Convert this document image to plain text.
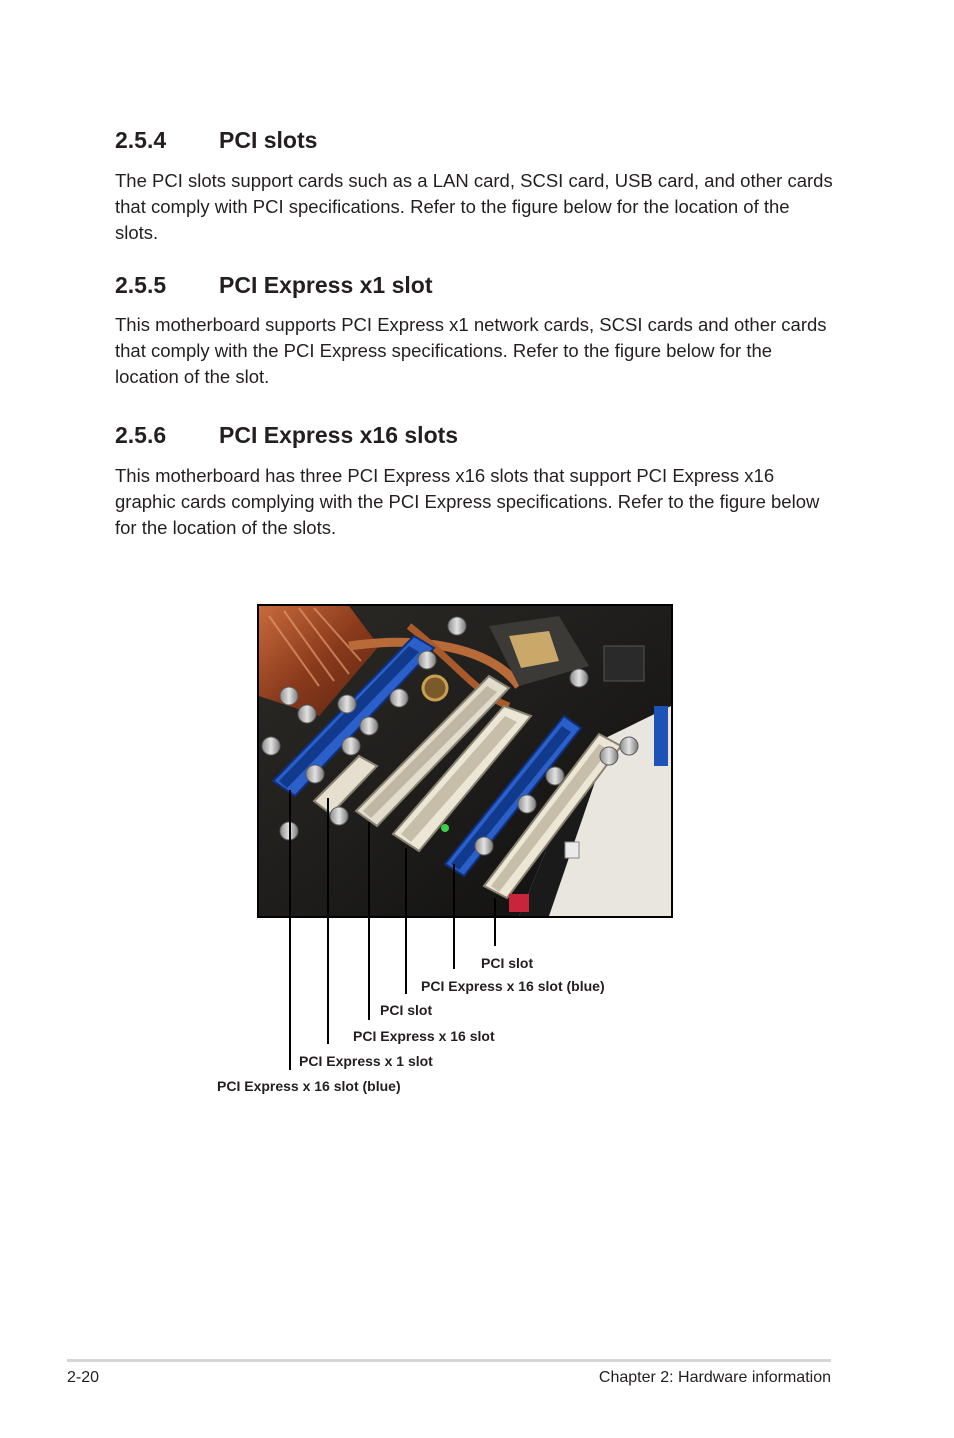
2.5.4 PCI slots

The PCI slots support cards such as a LAN card, SCSI card, USB card, and other cards that comply with PCI specifications. Refer to the figure below for the location of the slots.

2.5.5 PCI Express x1 slot

This motherboard supports PCI Express x1 network cards, SCSI cards and other cards that comply with the PCI Express specifications. Refer to the figure below for the location of the slot.

2.5.6 PCI Express x16 slots

This motherboard has three PCI Express x16 slots that support PCI Express x16 graphic cards complying with the PCI Express specifications. Refer to the figure below for the location of the slots.

PCI slot
PCI Express x 16 slot (blue)
PCI slot
PCI Express x 16 slot
PCI Express x 1 slot
PCI Express x 16 slot (blue)
2-20	Chapter 2: Hardware information
